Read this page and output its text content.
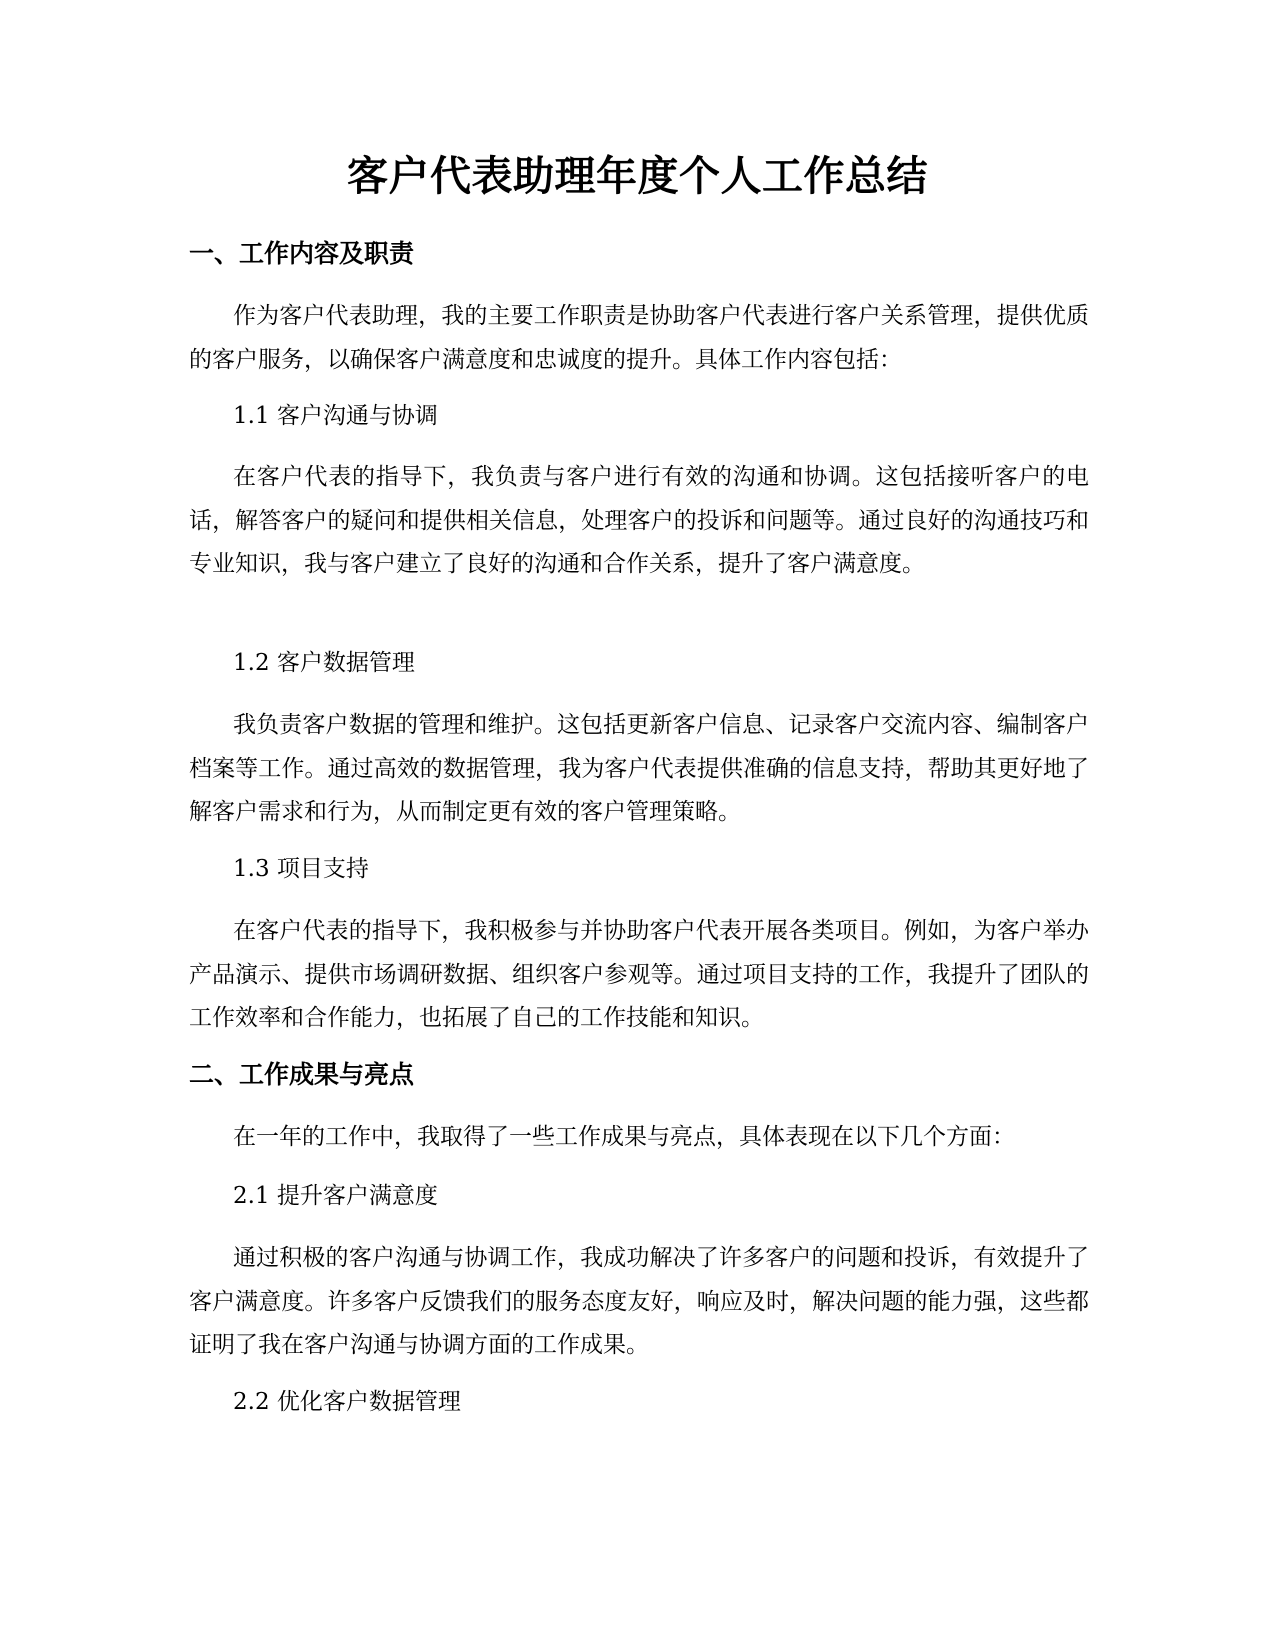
客户代表助理年度个人工作总结
一、工作内容及职责

作为客户代表助理，我的主要工作职责是协助客户代表进行客户关系管理，提供优质的客户服务，以确保客户满意度和忠诚度的提升。具体工作内容包括：

1.1 客户沟通与协调

在客户代表的指导下，我负责与客户进行有效的沟通和协调。这包括接听客户的电话，解答客户的疑问和提供相关信息，处理客户的投诉和问题等。通过良好的沟通技巧和专业知识，我与客户建立了良好的沟通和合作关系，提升了客户满意度。

1.2 客户数据管理

我负责客户数据的管理和维护。这包括更新客户信息、记录客户交流内容、编制客户档案等工作。通过高效的数据管理，我为客户代表提供准确的信息支持，帮助其更好地了解客户需求和行为，从而制定更有效的客户管理策略。

1.3 项目支持

在客户代表的指导下，我积极参与并协助客户代表开展各类项目。例如，为客户举办产品演示、提供市场调研数据、组织客户参观等。通过项目支持的工作，我提升了团队的工作效率和合作能力，也拓展了自己的工作技能和知识。

二、工作成果与亮点

在一年的工作中，我取得了一些工作成果与亮点，具体表现在以下几个方面：

2.1 提升客户满意度

通过积极的客户沟通与协调工作，我成功解决了许多客户的问题和投诉，有效提升了客户满意度。许多客户反馈我们的服务态度友好，响应及时，解决问题的能力强，这些都证明了我在客户沟通与协调方面的工作成果。

2.2 优化客户数据管理
